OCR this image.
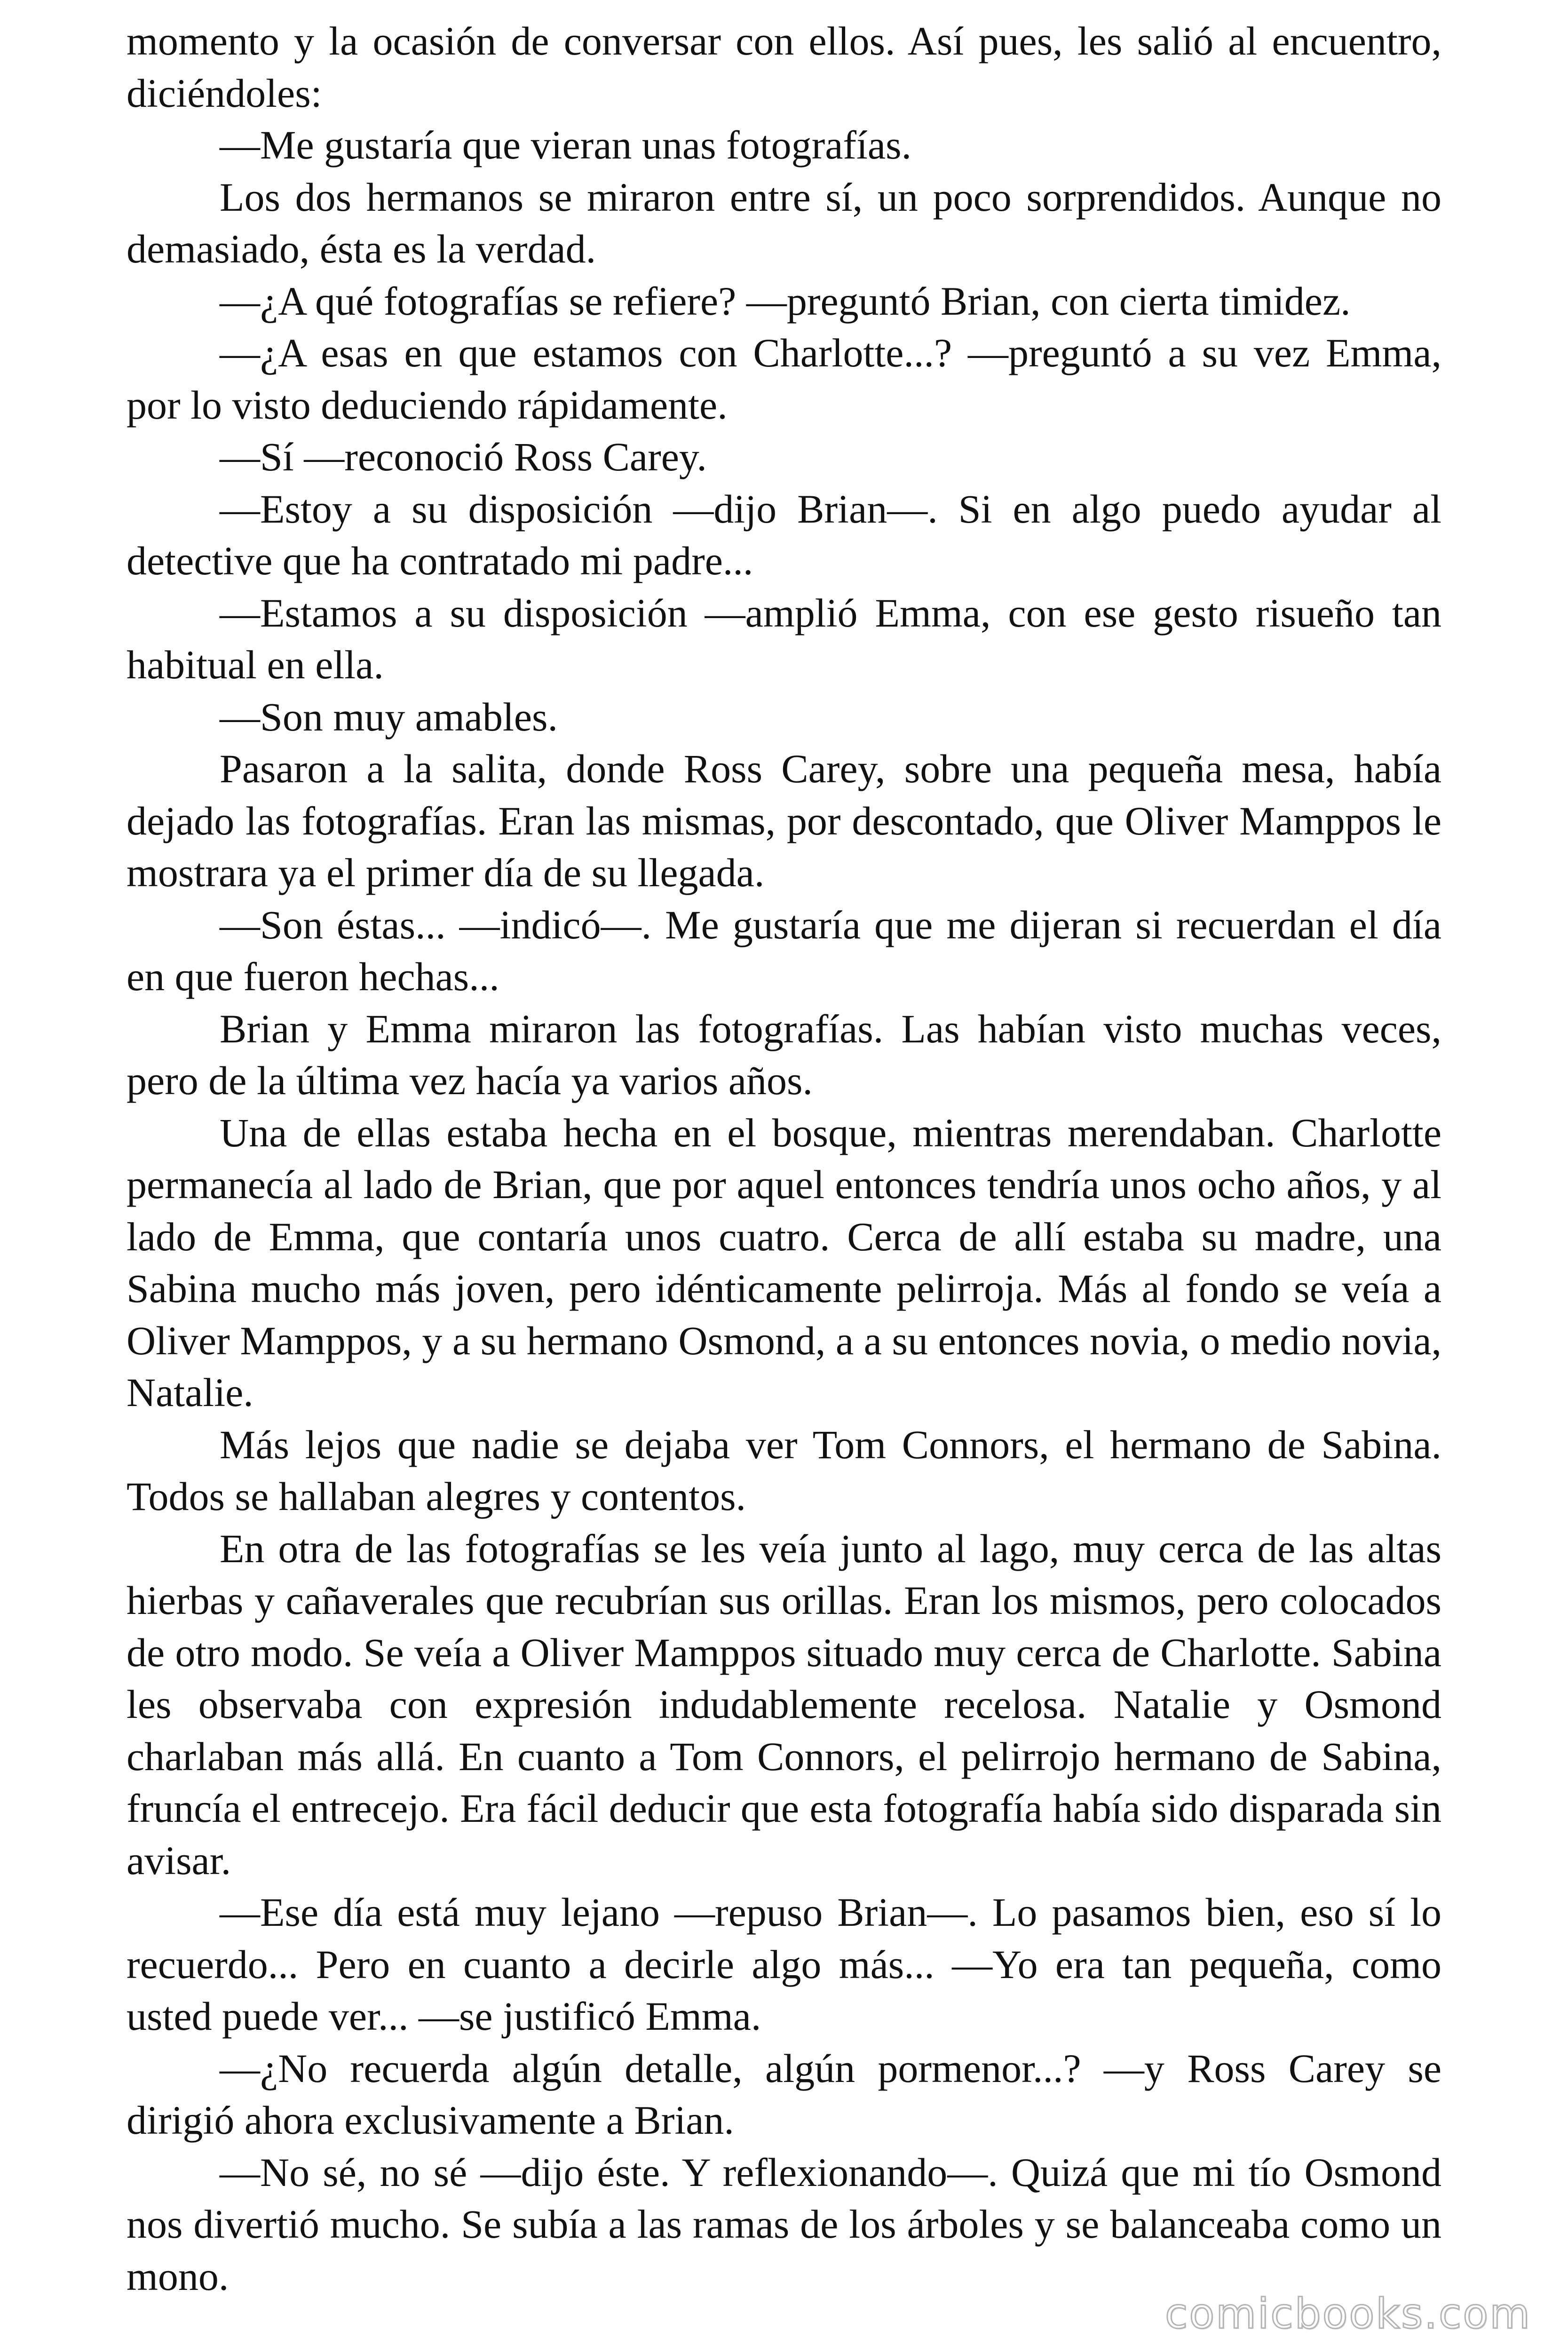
momento y la ocasión de conversar con ellos. Así pues, les salió al encuentro, diciéndoles:

—Me gustaría que vieran unas fotografías.

Los dos hermanos se miraron entre sí, un poco sorprendidos. Aunque no demasiado, ésta es la verdad.

—¿A qué fotografías se refiere? —preguntó Brian, con cierta timidez.

—¿A esas en que estamos con Charlotte...? —preguntó a su vez Emma, por lo visto deduciendo rápidamente.

—Sí —reconoció Ross Carey.

—Estoy a su disposición —dijo Brian—. Si en algo puedo ayudar al detective que ha contratado mi padre...

—Estamos a su disposición —amplió Emma, con ese gesto risueño tan habitual en ella.

—Son muy amables.

Pasaron a la salita, donde Ross Carey, sobre una pequeña mesa, había dejado las fotografías. Eran las mismas, por descontado, que Oliver Mamppos le mostrara ya el primer día de su llegada.

—Son éstas... —indicó—. Me gustaría que me dijeran si recuerdan el día en que fueron hechas...

Brian y Emma miraron las fotografías. Las habían visto muchas veces, pero de la última vez hacía ya varios años.

Una de ellas estaba hecha en el bosque, mientras merendaban. Charlotte permanecía al lado de Brian, que por aquel entonces tendría unos ocho años, y al lado de Emma, que contaría unos cuatro. Cerca de allí estaba su madre, una Sabina mucho más joven, pero idénticamente pelirroja. Más al fondo se veía a Oliver Mamppos, y a su hermano Osmond, a a su entonces novia, o medio novia, Natalie.

Más lejos que nadie se dejaba ver Tom Connors, el hermano de Sabina. Todos se hallaban alegres y contentos.

En otra de las fotografías se les veía junto al lago, muy cerca de las altas hierbas y cañaverales que recubrían sus orillas. Eran los mismos, pero colocados de otro modo. Se veía a Oliver Mamppos situado muy cerca de Charlotte. Sabina les observaba con expresión indudablemente recelosa. Natalie y Osmond charlaban más allá. En cuanto a Tom Connors, el pelirrojo hermano de Sabina, fruncía el entrecejo. Era fácil deducir que esta fotografía había sido disparada sin avisar.

—Ese día está muy lejano —repuso Brian—. Lo pasamos bien, eso sí lo recuerdo... Pero en cuanto a decirle algo más... —Yo era tan pequeña, como usted puede ver... —se justificó Emma.

—¿No recuerda algún detalle, algún pormenor...? —y Ross Carey se dirigió ahora exclusivamente a Brian.

—No sé, no sé —dijo éste. Y reflexionando—. Quizá que mi tío Osmond nos divertió mucho. Se subía a las ramas de los árboles y se balanceaba como un mono.

comicbooks.com
